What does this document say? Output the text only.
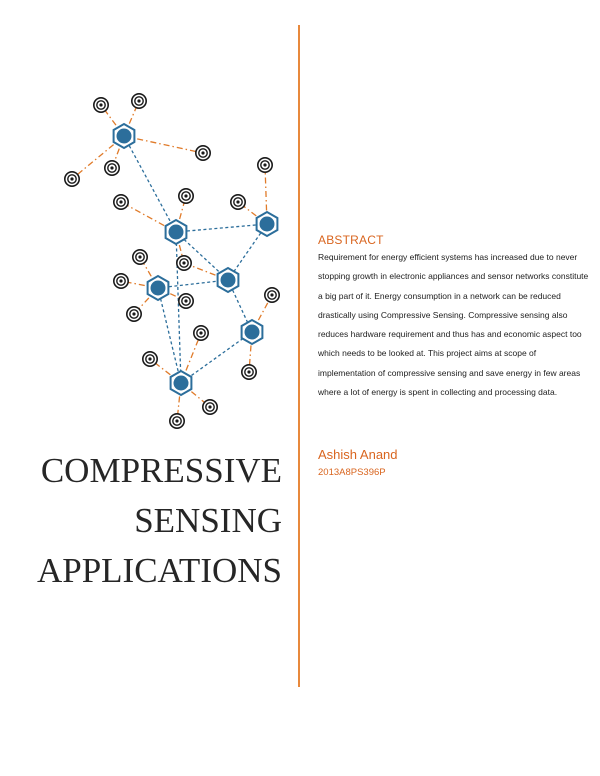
COMPRESSIVE
SENSING
APPLICATIONS
ABSTRACT
Requirement for energy efficient systems has increased due to never stopping growth in electronic appliances and sensor networks constitute a big part of it. Energy consumption in a network can be reduced drastically using Compressive Sensing. Compressive sensing also reduces hardware requirement and thus has and economic aspect too which needs to be looked at. This project aims at scope of implementation of compressive sensing and save energy in few areas where a lot of energy is spent in collecting and processing data.
Ashish Anand
2013A8PS396P
